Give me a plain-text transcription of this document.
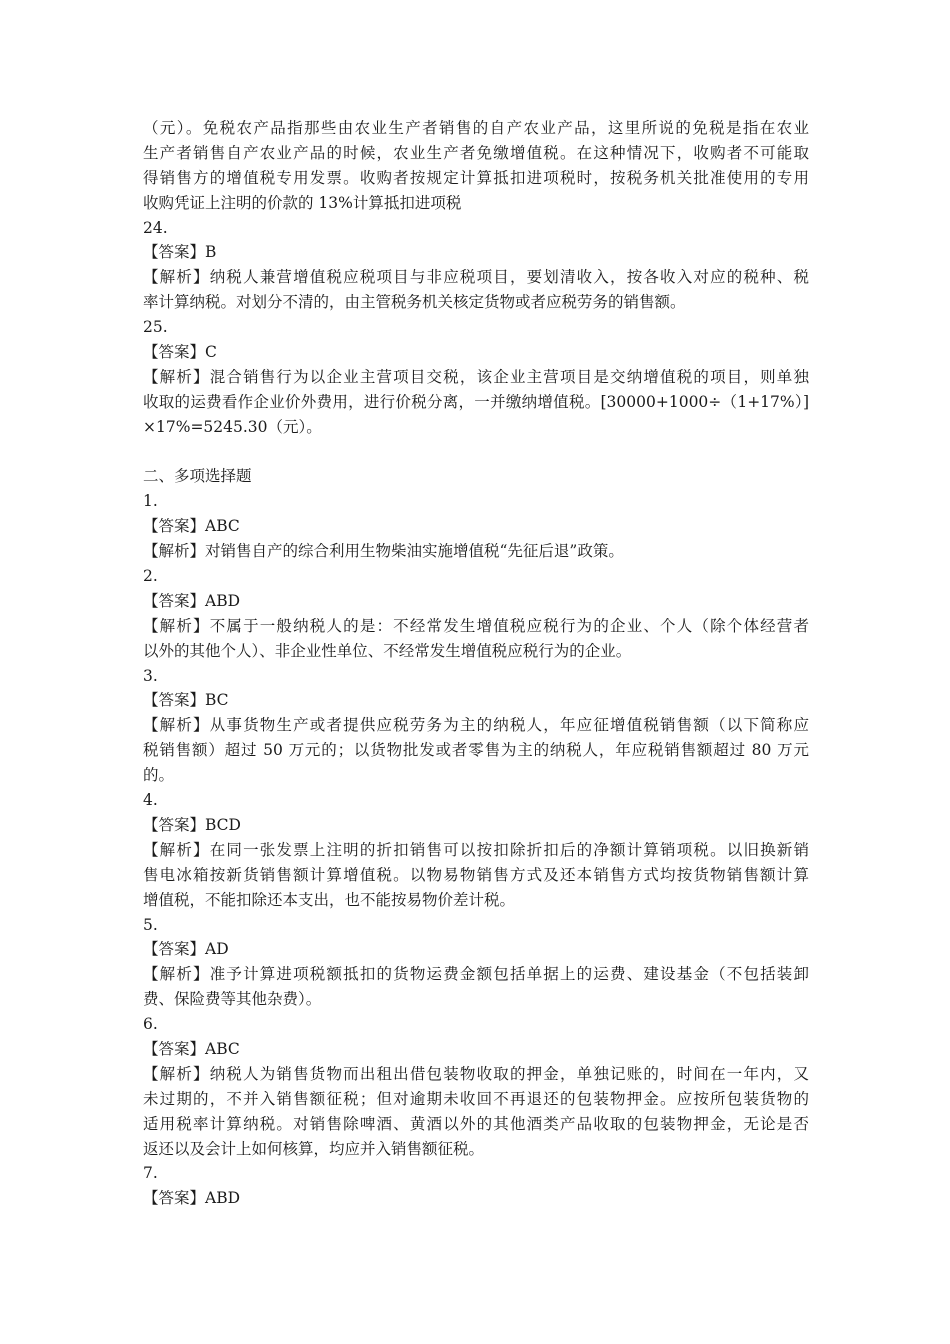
（元）。免税农产品指那些由农业生产者销售的自产农业产品，这里所说的免税是指在农业
生产者销售自产农业产品的时候，农业生产者免缴增值税。在这种情况下，收购者不可能取
得销售方的增值税专用发票。收购者按规定计算抵扣进项税时，按税务机关批准使用的专用
收购凭证上注明的价款的 13%计算抵扣进项税
24.
【答案】B
【解析】纳税人兼营增值税应税项目与非应税项目，要划清收入，按各收入对应的税种、税
率计算纳税。对划分不清的，由主管税务机关核定货物或者应税劳务的销售额。
25.
【答案】C
【解析】混合销售行为以企业主营项目交税，该企业主营项目是交纳增值税的项目，则单独
收取的运费看作企业价外费用，进行价税分离，一并缴纳增值税。[30000+1000÷（1+17%）]
×17%=5245.30（元）。
二、多项选择题
1.
【答案】ABC
【解析】对销售自产的综合利用生物柴油实施增值税“先征后退”政策。
2.
【答案】ABD
【解析】不属于一般纳税人的是：不经常发生增值税应税行为的企业、个人（除个体经营者
以外的其他个人）、非企业性单位、不经常发生增值税应税行为的企业。
3.
【答案】BC
【解析】从事货物生产或者提供应税劳务为主的纳税人，年应征增值税销售额（以下简称应
税销售额）超过 50 万元的；以货物批发或者零售为主的纳税人，年应税销售额超过 80 万元
的。
4.
【答案】BCD
【解析】在同一张发票上注明的折扣销售可以按扣除折扣后的净额计算销项税。以旧换新销
售电冰箱按新货销售额计算增值税。以物易物销售方式及还本销售方式均按货物销售额计算
增值税，不能扣除还本支出，也不能按易物价差计税。
5.
【答案】AD
【解析】准予计算进项税额抵扣的货物运费金额包括单据上的运费、建设基金（不包括装卸
费、保险费等其他杂费）。
6.
【答案】ABC
【解析】纳税人为销售货物而出租出借包装物收取的押金，单独记账的，时间在一年内，又
未过期的，不并入销售额征税；但对逾期未收回不再退还的包装物押金。应按所包装货物的
适用税率计算纳税。对销售除啤酒、黄酒以外的其他酒类产品收取的包装物押金，无论是否
返还以及会计上如何核算，均应并入销售额征税。
7.
【答案】ABD
